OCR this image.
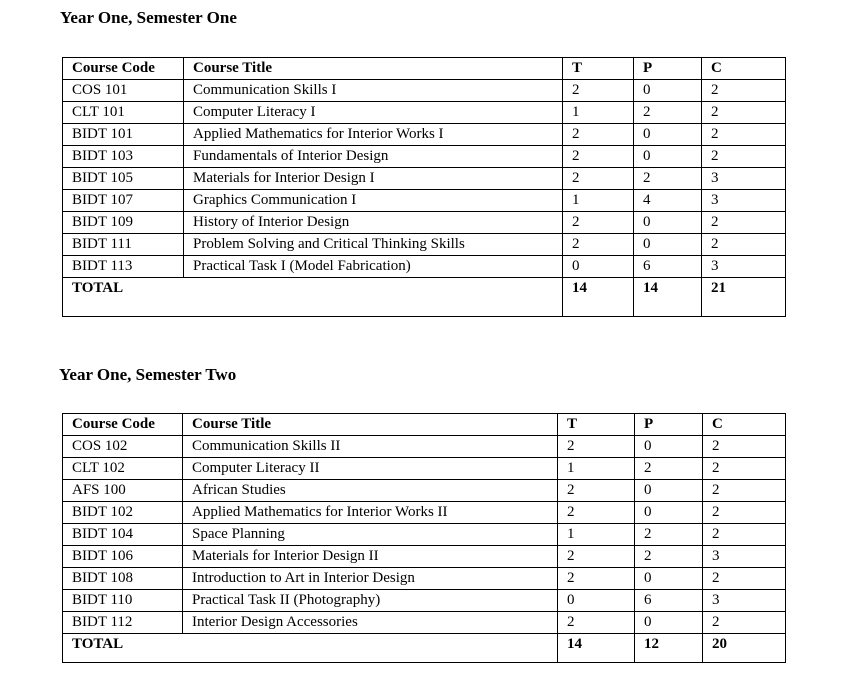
Year One, Semester One
Course Code	Course Title	T	P	C
COS 101	Communication Skills I	2	0	2
CLT 101	Computer Literacy I	1	2	2
BIDT 101	Applied Mathematics for Interior Works I	2	0	2
BIDT 103	Fundamentals of Interior Design	2	0	2
BIDT 105	Materials for Interior Design I	2	2	3
BIDT 107	Graphics Communication I	1	4	3
BIDT 109	History of Interior Design	2	0	2
BIDT 111	Problem Solving and Critical Thinking Skills	2	0	2
BIDT 113	Practical Task I (Model Fabrication)	0	6	3
TOTAL		14	14	21
Year One, Semester Two
Course Code	Course Title	T	P	C
COS 102	Communication Skills II	2	0	2
CLT 102	Computer Literacy II	1	2	2
AFS 100	African Studies	2	0	2
BIDT 102	Applied Mathematics for Interior Works II	2	0	2
BIDT 104	Space Planning	1	2	2
BIDT 106	Materials for Interior Design II	2	2	3
BIDT 108	Introduction to Art in Interior Design	2	0	2
BIDT 110	Practical Task II (Photography)	0	6	3
BIDT 112	Interior Design Accessories	2	0	2
TOTAL		14	12	20
